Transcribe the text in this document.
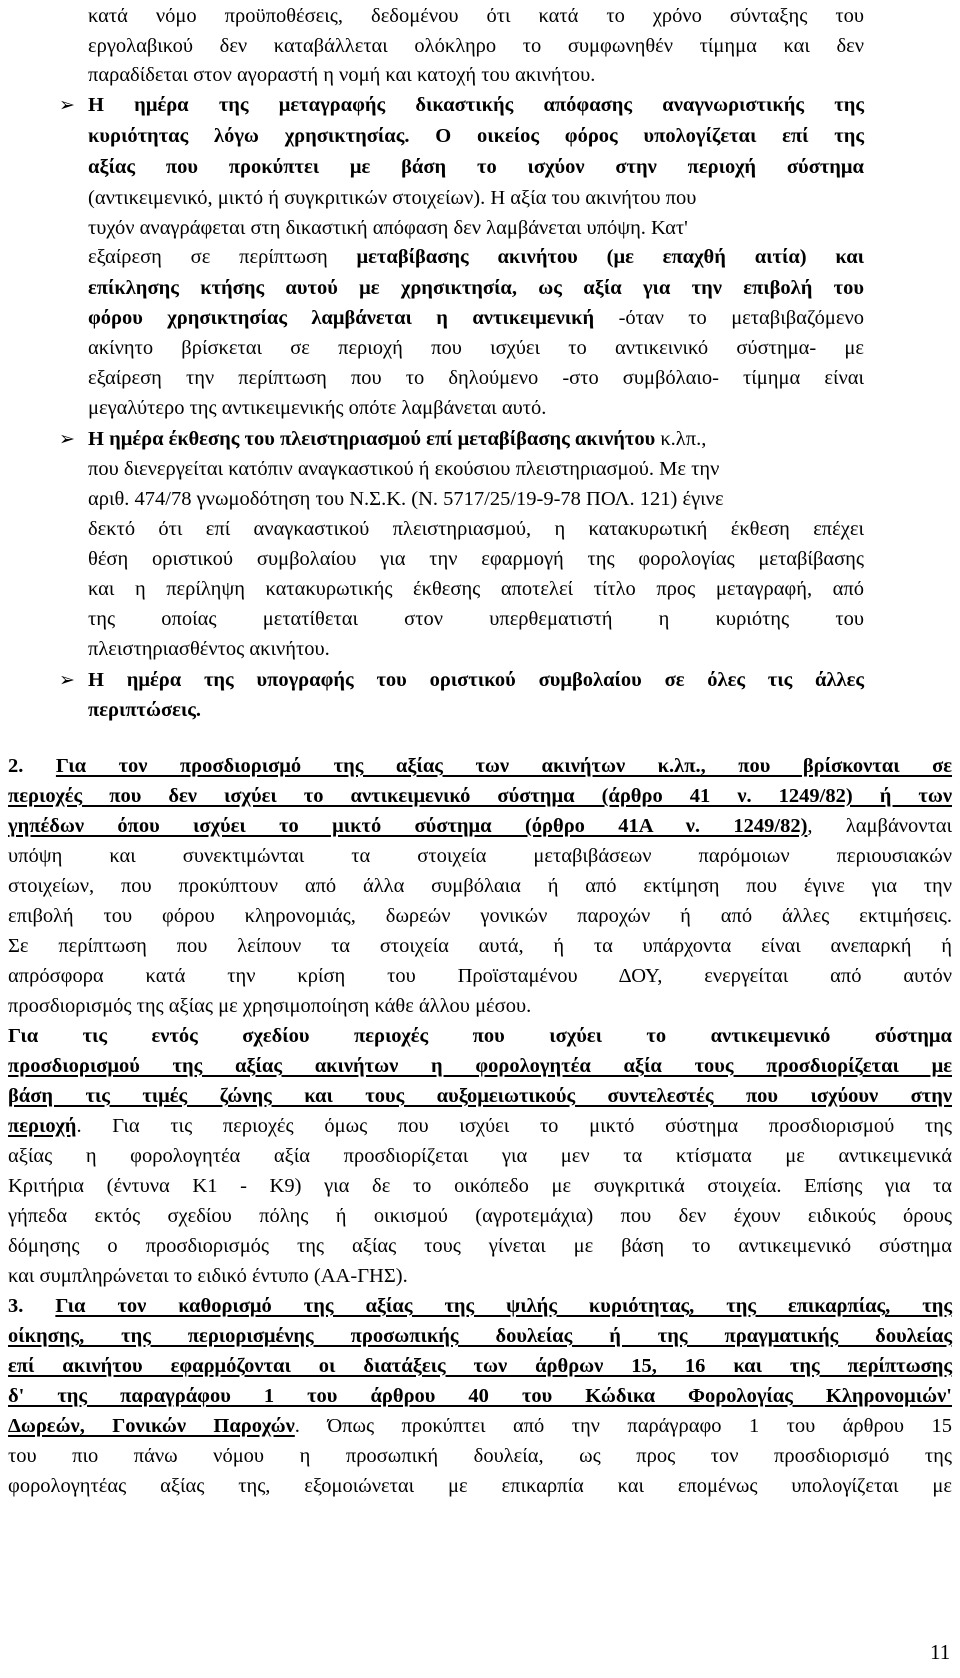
κατά νόμο προϋποθέσεις, δεδομένου ότι κατά το χρόνο σύνταξης του
εργολαβικού δεν καταβάλλεται ολόκληρο το συμφωνηθέν τίμημα και δεν
παραδίδεται στον αγοραστή η νομή και κατοχή του ακινήτου.
➢ Η ημέρα της μεταγραφής δικαστικής απόφασης αναγνωριστικής της
κυριότητας λόγω χρησικτησίας. Ο οικείος φόρος υπολογίζεται επί της
αξίας που προκύπτει με βάση το ισχύον στην περιοχή σύστημα
(αντικειμενικό, μικτό ή συγκριτικών στοιχείων). Η αξία του ακινήτου που
τυχόν αναγράφεται στη δικαστική απόφαση δεν λαμβάνεται υπόψη. Κατ'
εξαίρεση σε περίπτωση μεταβίβασης ακινήτου (με επαχθή αιτία) και
επίκλησης κτήσης αυτού με χρησικτησία, ως αξία για την επιβολή του
φόρου χρησικτησίας λαμβάνεται η αντικειμενική -όταν το μεταβιβαζόμενο
ακίνητο βρίσκεται σε περιοχή που ισχύει το αντικεινικό σύστημα- με
εξαίρεση την περίπτωση που το δηλούμενο -στο συμβόλαιο- τίμημα είναι
μεγαλύτερο της αντικειμενικής οπότε λαμβάνεται αυτό.
➢ Η ημέρα έκθεσης του πλειστηριασμού επί μεταβίβασης ακινήτου κ.λπ.,
που διενεργείται κατόπιν αναγκαστικού ή εκούσιου πλειστηριασμού. Με την
αριθ. 474/78 γνωμοδότηση του Ν.Σ.Κ. (Ν. 5717/25/19-9-78 ΠΟΛ. 121) έγινε
δεκτό ότι επί αναγκαστικού πλειστηριασμού, η κατακυρωτική έκθεση επέχει
θέση οριστικού συμβολαίου για την εφαρμογή της φορολογίας μεταβίβασης
και η περίληψη κατακυρωτικής έκθεσης αποτελεί τίτλο προς μεταγραφή, από
της οποίας μετατίθεται στον υπερθεματιστή η κυριότης του
πλειστηριασθέντος ακινήτου.
➢ Η ημέρα της υπογραφής του οριστικού συμβολαίου σε όλες τις άλλες
περιπτώσεις.
2. Για τον προσδιορισμό της αξίας των ακινήτων κ.λπ., που βρίσκονται σε
περιοχές που δεν ισχύει το αντικειμενικό σύστημα (άρθρο 41 ν. 1249/82) ή των
γηπέδων όπου ισχύει το μικτό σύστημα (όρθρο 41Α ν. 1249/82), λαμβάνονται
υπόψη και συνεκτιμώνται τα στοιχεία μεταβιβάσεων παρόμοιων περιουσιακών
στοιχείων, που προκύπτουν από άλλα συμβόλαια ή από εκτίμηση που έγινε για την
επιβολή του φόρου κληρονομιάς, δωρεών γονικών παροχών ή από άλλες εκτιμήσεις.
Σε περίπτωση που λείπουν τα στοιχεία αυτά, ή τα υπάρχοντα είναι ανεπαρκή ή
απρόσφορα κατά την κρίση του Προϊσταμένου ΔΟΥ, ενεργείται από αυτόν
προσδιορισμός της αξίας με χρησιμοποίηση κάθε άλλου μέσου.
Για τις εντός σχεδίου περιοχές που ισχύει το αντικειμενικό σύστημα
προσδιορισμού της αξίας ακινήτων η φορολογητέα αξία τους προσδιορίζεται με
βάση τις τιμές ζώνης και τους αυξομειωτικούς συντελεστές που ισχύουν στην
περιοχή. Για τις περιοχές όμως που ισχύει το μικτό σύστημα προσδιορισμού της
αξίας η φορολογητέα αξία προσδιορίζεται για μεν τα κτίσματα με αντικειμενικά
Κριτήρια (έντυνα Κ1 - Κ9) για δε το οικόπεδο με συγκριτικά στοιχεία. Επίσης για τα
γήπεδα εκτός σχεδίου πόλης ή οικισμού (αγροτεμάχια) που δεν έχουν ειδικούς όρους
δόμησης ο προσδιορισμός της αξίας τους γίνεται με βάση το αντικειμενικό σύστημα
και συμπληρώνεται το ειδικό έντυπο (ΑΑ-ΓΗΣ).
3. Για τον καθορισμό της αξίας της ψιλής κυριότητας, της επικαρπίας, της
οίκησης, της περιορισμένης προσωπικής δουλείας ή της πραγματικής δουλείας
επί ακινήτου εφαρμόζονται οι διατάξεις των άρθρων 15, 16 και της περίπτωσης
δ' της παραγράφου 1 του άρθρου 40 του Κώδικα Φορολογίας Κληρονομιών'
Δωρεών, Γονικών Παροχών. Όπως προκύπτει από την παράγραφο 1 του άρθρου 15
του πιο πάνω νόμου η προσωπική δουλεία, ως προς τον προσδιορισμό της
φορολογητέας αξίας της, εξομοιώνεται με επικαρπία και επομένως υπολογίζεται με
11
